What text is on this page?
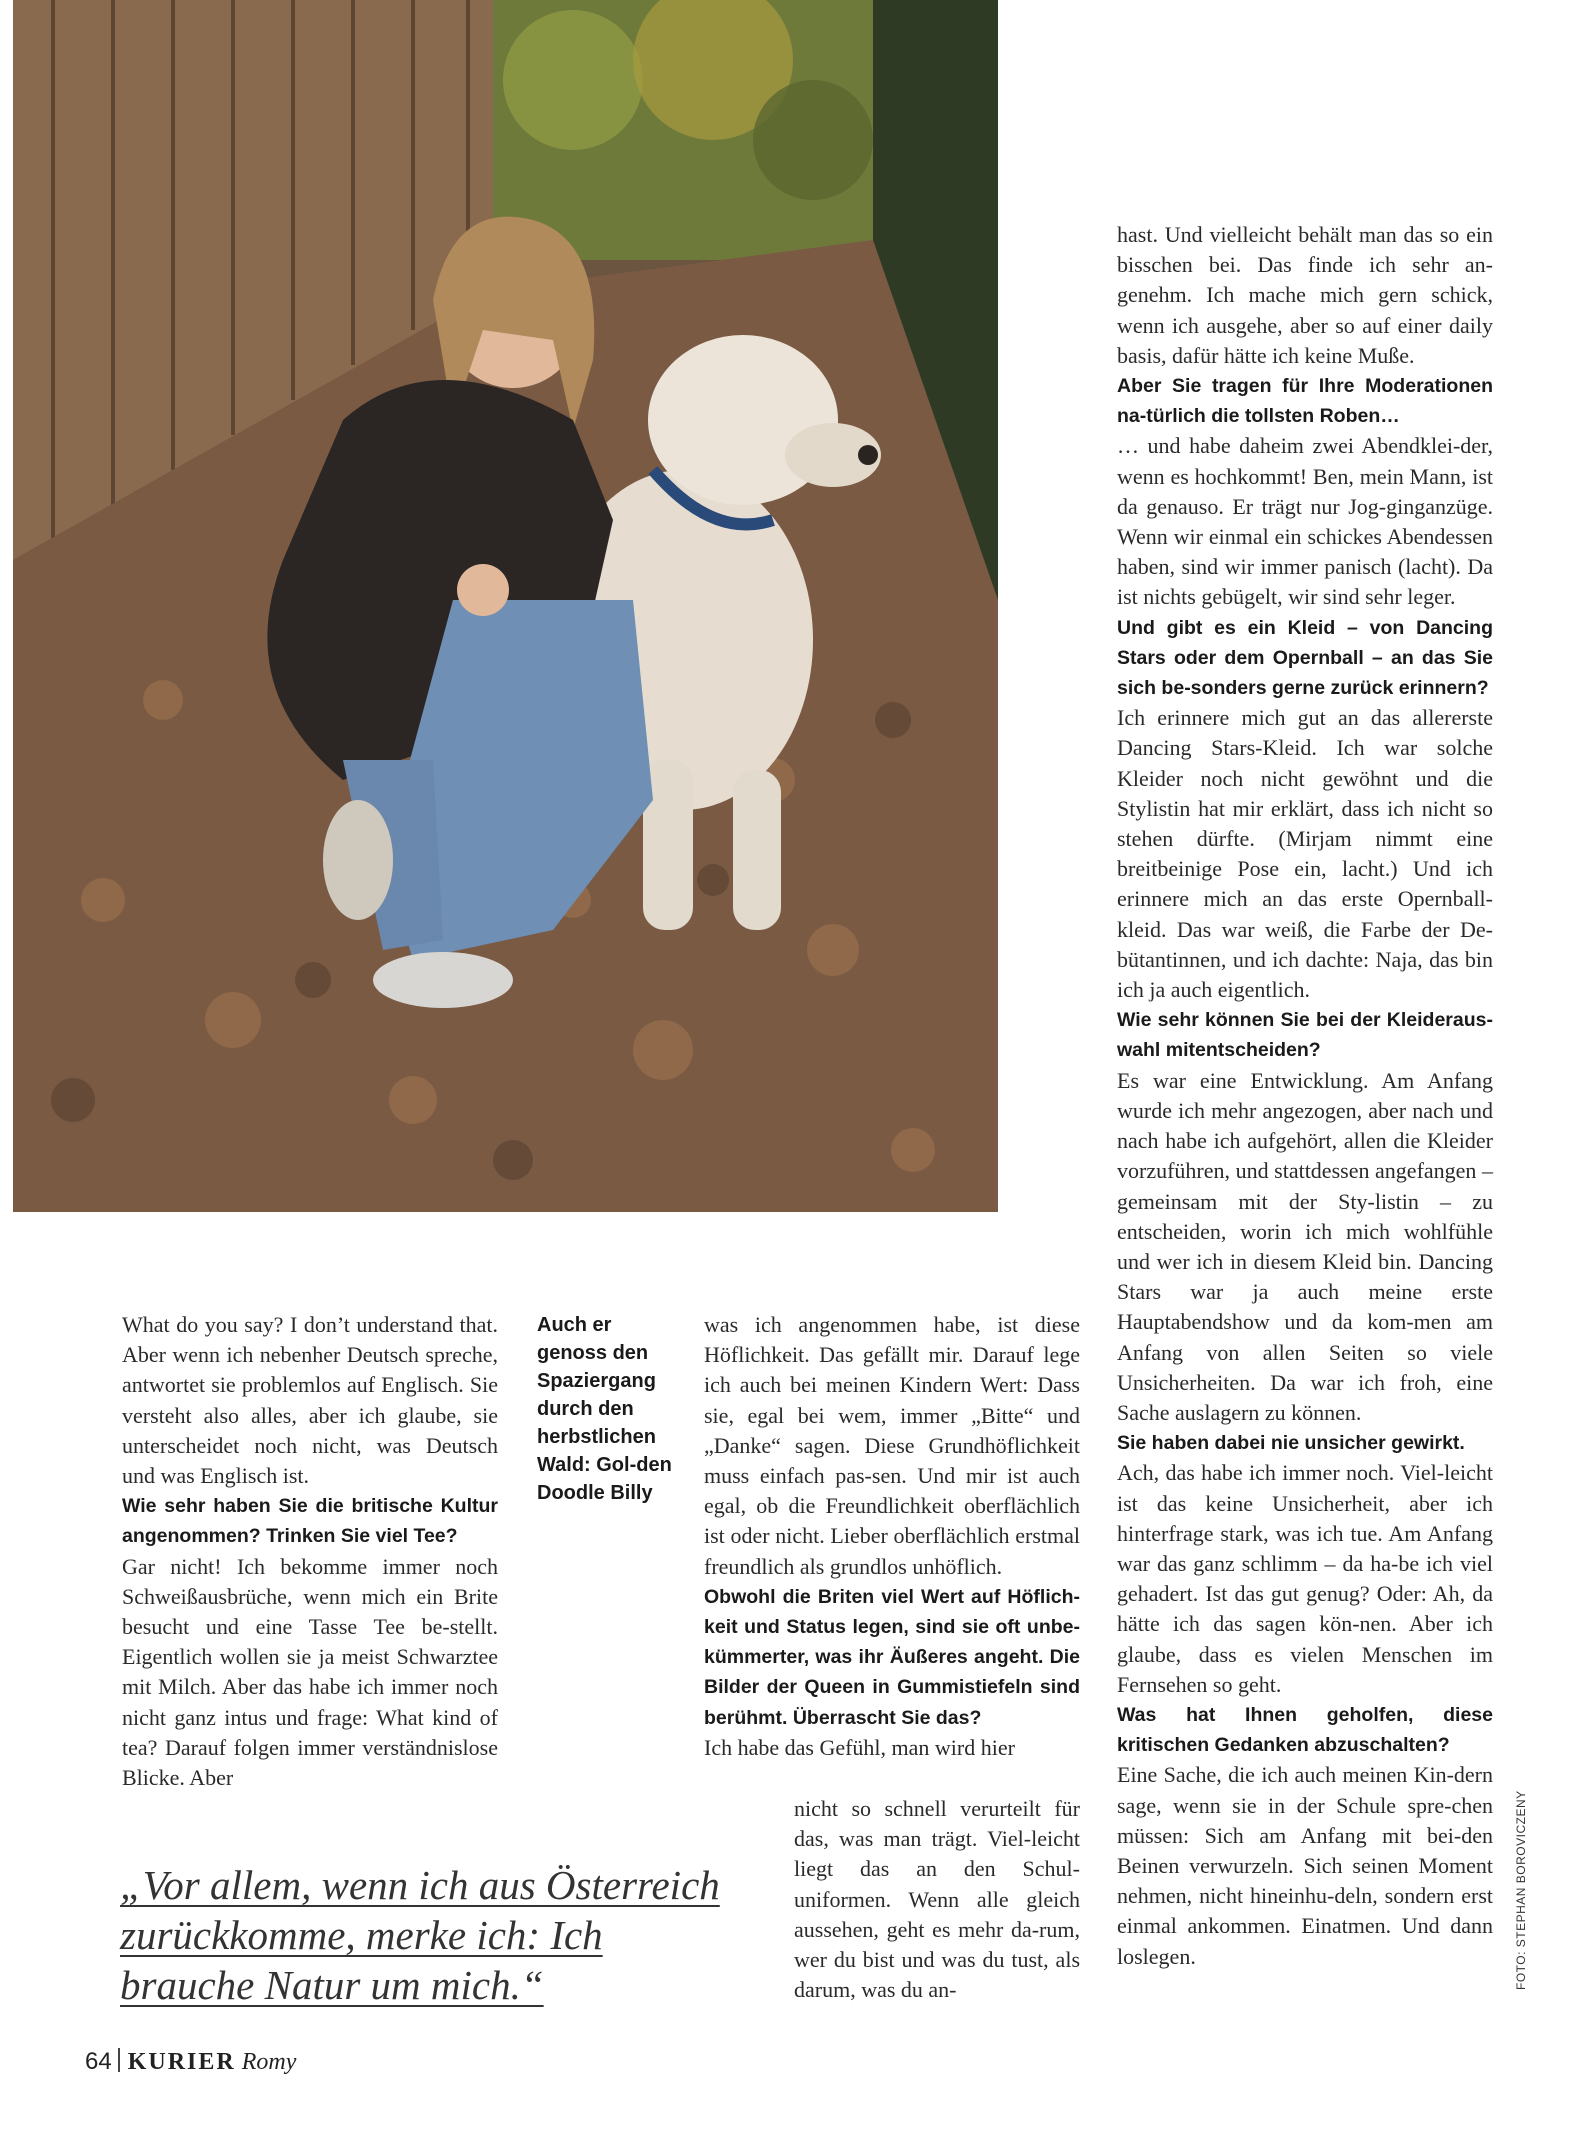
Auch er genoss den Spaziergang durch den herbstlichen Wald: Gol-den Doodle Billy

What do you say? I don’t understand that. Aber wenn ich nebenher Deutsch spreche, antwortet sie problemlos auf Englisch. Sie versteht also alles, aber ich glaube, sie unterscheidet noch nicht, was Deutsch und was Englisch ist.

Wie sehr haben Sie die britische Kultur angenommen? Trinken Sie viel Tee?

Gar nicht! Ich bekomme immer noch Schweißausbrüche, wenn mich ein Brite besucht und eine Tasse Tee be-stellt. Eigentlich wollen sie ja meist Schwarztee mit Milch. Aber das habe ich immer noch nicht ganz intus und frage: What kind of tea? Darauf folgen immer verständnislose Blicke. Aber

was ich angenommen habe, ist diese Höflichkeit. Das gefällt mir. Darauf lege ich auch bei meinen Kindern Wert: Dass sie, egal bei wem, immer „Bitte“ und „Danke“ sagen. Diese Grundhöflichkeit muss einfach pas-sen. Und mir ist auch egal, ob die Freundlichkeit oberflächlich ist oder nicht. Lieber oberflächlich erstmal freundlich als grundlos unhöflich.

Obwohl die Briten viel Wert auf Höflich-keit und Status legen, sind sie oft unbe-kümmerter, was ihr Äußeres angeht. Die Bilder der Queen in Gummistiefeln sind berühmt. Überrascht Sie das?

Ich habe das Gefühl, man wird hier

nicht so schnell verurteilt für das, was man trägt. Viel-leicht liegt das an den Schul-uniformen. Wenn alle gleich aussehen, geht es mehr da-rum, wer du bist und was du tust, als darum, was du an-

„Vor allem, wenn ich aus Österreich zurückkomme, merke ich: Ich brauche Natur um mich.“

hast. Und vielleicht behält man das so ein bisschen bei. Das finde ich sehr an-genehm. Ich mache mich gern schick, wenn ich ausgehe, aber so auf einer daily basis, dafür hätte ich keine Muße.

Aber Sie tragen für Ihre Moderationen na-türlich die tollsten Roben…

… und habe daheim zwei Abendklei-der, wenn es hochkommt! Ben, mein Mann, ist da genauso. Er trägt nur Jog-ginganzüge. Wenn wir einmal ein schickes Abendessen haben, sind wir immer panisch (lacht). Da ist nichts gebügelt, wir sind sehr leger.

Und gibt es ein Kleid – von Dancing Stars oder dem Opernball – an das Sie sich be-sonders gerne zurück erinnern?

Ich erinnere mich gut an das allererste Dancing Stars-Kleid. Ich war solche Kleider noch nicht gewöhnt und die Stylistin hat mir erklärt, dass ich nicht so stehen dürfte. (Mirjam nimmt eine breitbeinige Pose ein, lacht.) Und ich erinnere mich an das erste Opernball-kleid. Das war weiß, die Farbe der De-bütantinnen, und ich dachte: Naja, das bin ich ja auch eigentlich.

Wie sehr können Sie bei der Kleideraus-wahl mitentscheiden?

Es war eine Entwicklung. Am Anfang wurde ich mehr angezogen, aber nach und nach habe ich aufgehört, allen die Kleider vorzuführen, und stattdessen angefangen – gemeinsam mit der Sty-listin – zu entscheiden, worin ich mich wohlfühle und wer ich in diesem Kleid bin. Dancing Stars war ja auch meine erste Hauptabendshow und da kom-men am Anfang von allen Seiten so viele Unsicherheiten. Da war ich froh, eine Sache auslagern zu können.

Sie haben dabei nie unsicher gewirkt.

Ach, das habe ich immer noch. Viel-leicht ist das keine Unsicherheit, aber ich hinterfrage stark, was ich tue. Am Anfang war das ganz schlimm – da ha-be ich viel gehadert. Ist das gut genug? Oder: Ah, da hätte ich das sagen kön-nen. Aber ich glaube, dass es vielen Menschen im Fernsehen so geht.

Was hat Ihnen geholfen, diese kritischen Gedanken abzuschalten?

Eine Sache, die ich auch meinen Kin-dern sage, wenn sie in der Schule spre-chen müssen: Sich am Anfang mit bei-den Beinen verwurzeln. Sich seinen Moment nehmen, nicht hineinhu-deln, sondern erst einmal ankommen. Einatmen. Und dann loslegen.	FOTO: STEPHAN BOROVICZENY
64 KURIER Romy
